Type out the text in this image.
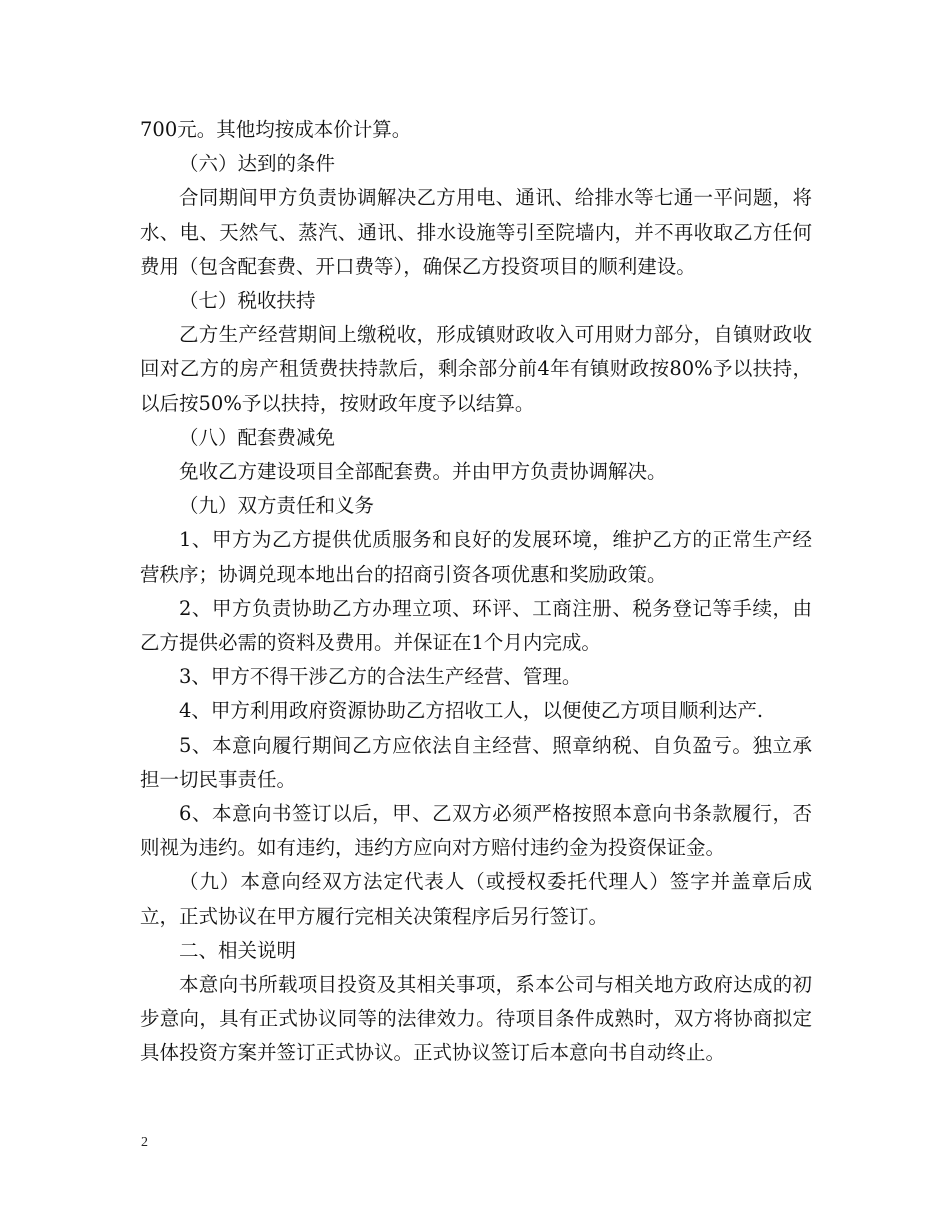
700元。其他均按成本价计算。

（六）达到的条件

合同期间甲方负责协调解决乙方用电、通讯、给排水等七通一平问题，将水、电、天然气、蒸汽、通讯、排水设施等引至院墙内，并不再收取乙方任何费用（包含配套费、开口费等），确保乙方投资项目的顺利建设。

（七）税收扶持

乙方生产经营期间上缴税收，形成镇财政收入可用财力部分，自镇财政收回对乙方的房产租赁费扶持款后，剩余部分前4年有镇财政按80%予以扶持，以后按50%予以扶持，按财政年度予以结算。

（八）配套费减免

免收乙方建设项目全部配套费。并由甲方负责协调解决。

（九）双方责任和义务

1、甲方为乙方提供优质服务和良好的发展环境，维护乙方的正常生产经营秩序；协调兑现本地出台的招商引资各项优惠和奖励政策。

2、甲方负责协助乙方办理立项、环评、工商注册、税务登记等手续，由乙方提供必需的资料及费用。并保证在1个月内完成。

3、甲方不得干涉乙方的合法生产经营、管理。

4、甲方利用政府资源协助乙方招收工人，以便使乙方项目顺利达产.

5、本意向履行期间乙方应依法自主经营、照章纳税、自负盈亏。独立承担一切民事责任。

6、本意向书签订以后，甲、乙双方必须严格按照本意向书条款履行，否则视为违约。如有违约，违约方应向对方赔付违约金为投资保证金。

（九）本意向经双方法定代表人（或授权委托代理人）签字并盖章后成立，正式协议在甲方履行完相关决策程序后另行签订。

二、相关说明

本意向书所载项目投资及其相关事项，系本公司与相关地方政府达成的初步意向，具有正式协议同等的法律效力。待项目条件成熟时，双方将协商拟定具体投资方案并签订正式协议。正式协议签订后本意向书自动终止。

2
